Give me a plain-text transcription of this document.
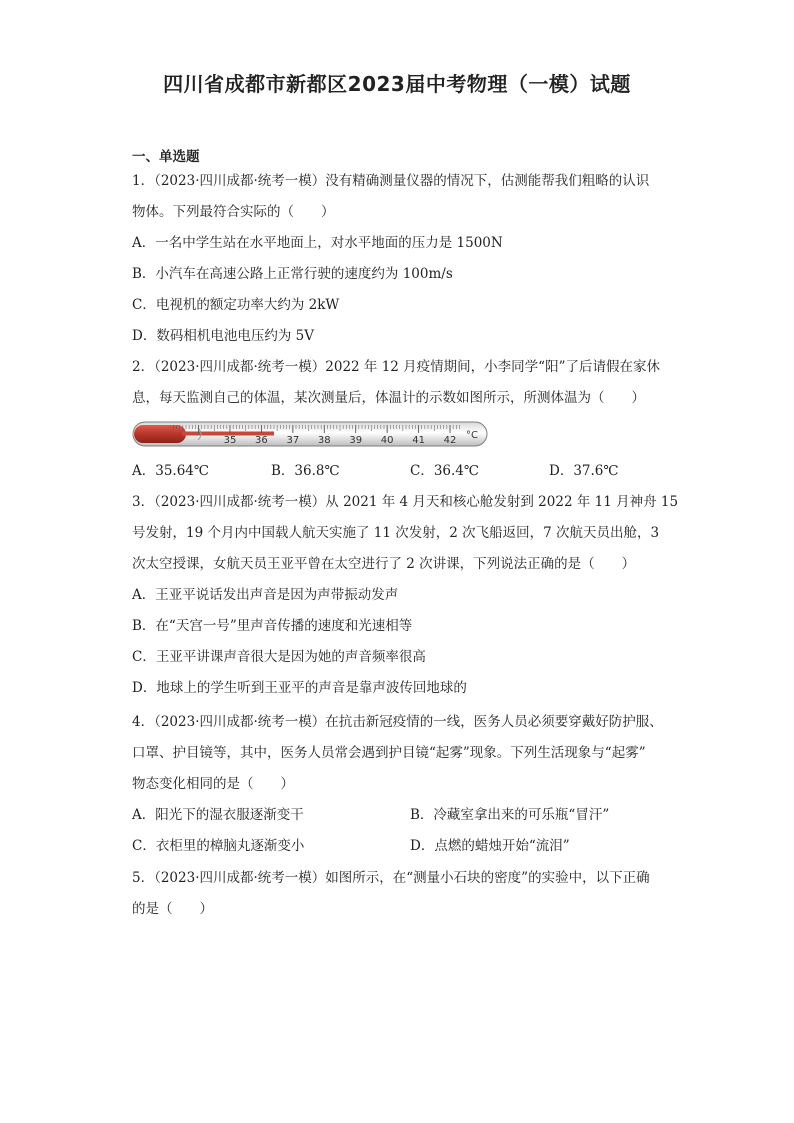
四川省成都市新都区2023届中考物理（一模）试题
一、单选题
1．（2023·四川成都·统考一模）没有精确测量仪器的情况下，估测能帮我们粗略的认识
物体。下列最符合实际的（　　）
A．一名中学生站在水平地面上，对水平地面的压力是 1500N
B．小汽车在高速公路上正常行驶的速度约为 100m/s
C．电视机的额定功率大约为 2kW
D．数码相机电池电压约为 5V
2．（2023·四川成都·统考一模）2022 年 12 月疫情期间，小李同学“阳”了后请假在家休
息，每天监测自己的体温，某次测量后，体温计的示数如图所示，所测体温为（　　）
35 36 37 38 39 40 41 42 °C
A．35.64℃	B．36.8℃	C．36.4℃	D．37.6℃
3．（2023·四川成都·统考一模）从 2021 年 4 月天和核心舱发射到 2022 年 11 月神舟 15
号发射，19 个月内中国载人航天实施了 11 次发射，2 次飞船返回，7 次航天员出舱，3
次太空授课，女航天员王亚平曾在太空进行了 2 次讲课，下列说法正确的是（　　）
A．王亚平说话发出声音是因为声带振动发声
B．在“天宫一号”里声音传播的速度和光速相等
C．王亚平讲课声音很大是因为她的声音频率很高
D．地球上的学生听到王亚平的声音是靠声波传回地球的
4．（2023·四川成都·统考一模）在抗击新冠疫情的一线，医务人员必须要穿戴好防护服、
口罩、护目镜等，其中，医务人员常会遇到护目镜“起雾”现象。下列生活现象与“起雾”
物态变化相同的是（　　）
A．阳光下的湿衣服逐渐变干	B．冷藏室拿出来的可乐瓶“冒汗”
C．衣柜里的樟脑丸逐渐变小	D．点燃的蜡烛开始“流泪”
5．（2023·四川成都·统考一模）如图所示，在“测量小石块的密度”的实验中，以下正确
的是（　　）
